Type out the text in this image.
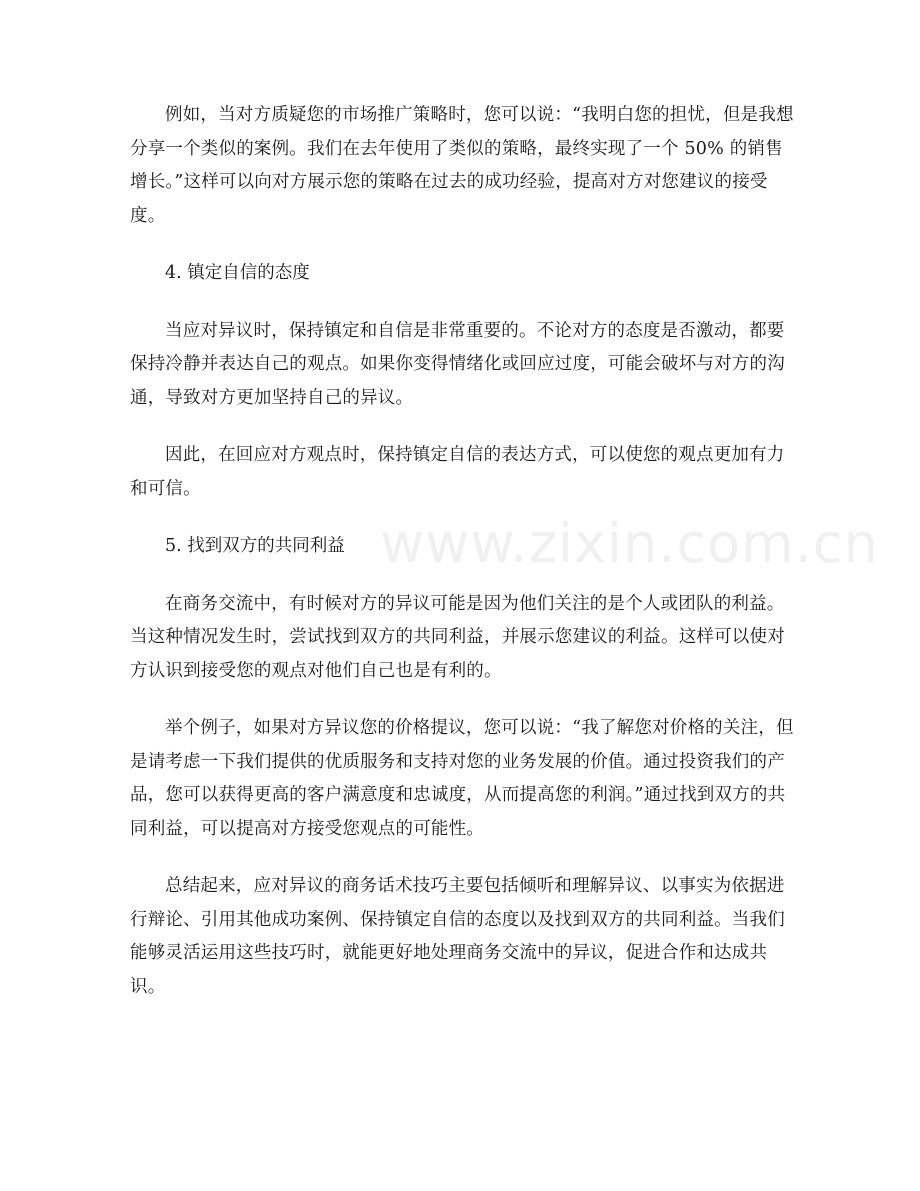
www.zixin.com.cn

例如，当对方质疑您的市场推广策略时，您可以说：“我明白您的担忧，但是我想分享一个类似的案例。我们在去年使用了类似的策略，最终实现了一个 50% 的销售增长。”这样可以向对方展示您的策略在过去的成功经验，提高对方对您建议的接受度。

4. 镇定自信的态度

当应对异议时，保持镇定和自信是非常重要的。不论对方的态度是否激动，都要保持冷静并表达自己的观点。如果你变得情绪化或回应过度，可能会破坏与对方的沟通，导致对方更加坚持自己的异议。

因此，在回应对方观点时，保持镇定自信的表达方式，可以使您的观点更加有力和可信。

5. 找到双方的共同利益

在商务交流中，有时候对方的异议可能是因为他们关注的是个人或团队的利益。当这种情况发生时，尝试找到双方的共同利益，并展示您建议的利益。这样可以使对方认识到接受您的观点对他们自己也是有利的。

举个例子，如果对方异议您的价格提议，您可以说：“我了解您对价格的关注，但是请考虑一下我们提供的优质服务和支持对您的业务发展的价值。通过投资我们的产品，您可以获得更高的客户满意度和忠诚度，从而提高您的利润。”通过找到双方的共同利益，可以提高对方接受您观点的可能性。

总结起来，应对异议的商务话术技巧主要包括倾听和理解异议、以事实为依据进行辩论、引用其他成功案例、保持镇定自信的态度以及找到双方的共同利益。当我们能够灵活运用这些技巧时，就能更好地处理商务交流中的异议，促进合作和达成共识。
